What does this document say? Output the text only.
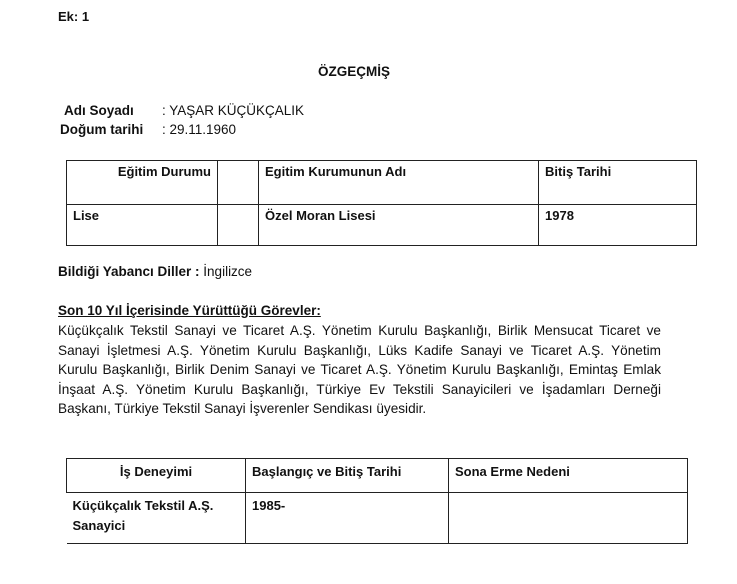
Ek: 1
ÖZGEÇMİŞ
Adı Soyadı : YAŞAR KÜÇÜKÇALIK
Doğum tarihi : 29.11.1960
Eğitim Durumu		Egitim Kurumunun Adı	Bitiş Tarihi
Lise		Özel Moran Lisesi	1978
Bildiği Yabancı Diller : İngilizce
Son 10 Yıl İçerisinde Yürüttüğü Görevler:
Küçükçalık Tekstil Sanayi ve Ticaret A.Ş. Yönetim Kurulu Başkanlığı, Birlik Mensucat Ticaret ve Sanayi İşletmesi A.Ş. Yönetim Kurulu Başkanlığı, Lüks Kadife Sanayi ve Ticaret A.Ş. Yönetim Kurulu Başkanlığı, Birlik Denim Sanayi ve Ticaret A.Ş. Yönetim Kurulu Başkanlığı, Emintaş Emlak İnşaat A.Ş. Yönetim Kurulu Başkanlığı, Türkiye Ev Tekstili Sanayicileri ve İşadamları Derneği Başkanı, Türkiye Tekstil Sanayi İşverenler Sendikası üyesidir.
İş Deneyimi	Başlangıç ve Bitiş Tarihi	Sona Erme Nedeni
Küçükçalık Tekstil A.Ş. Sanayici	1985-	
